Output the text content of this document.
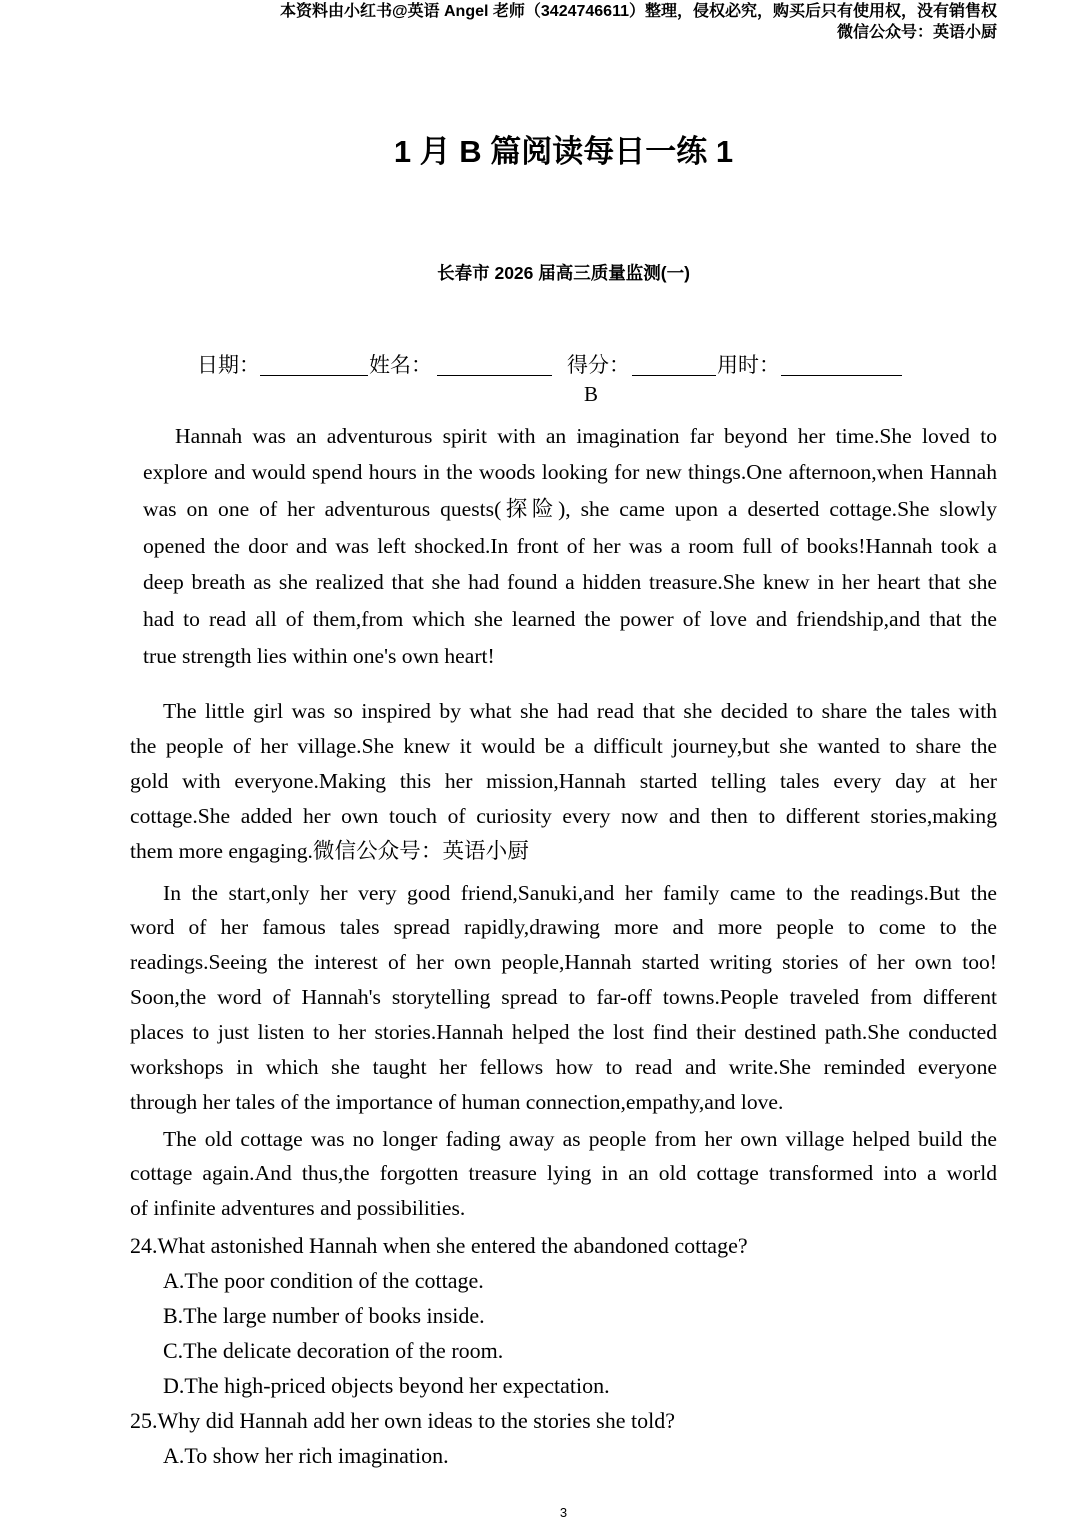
本资料由小红书@英语 Angel 老师（3424746611）整理，侵权必究，购买后只有使用权，没有销售权
微信公众号：英语小厨
1 月 B 篇阅读每日一练 1
长春市 2026 届高三质量监测(一)
日期：	姓名：	得分：	用时：
B
Hannah was an adventurous spirit with an imagination far beyond her time.She loved to
explore and would spend hours in the woods looking for new things.One afternoon,when Hannah
was on one of her adventurous quests(探险), she came upon a deserted cottage.She slowly
opened the door and was left shocked.In front of her was a room full of books!Hannah took a
deep breath as she realized that she had found a hidden treasure.She knew in her heart that she
had to read all of them,from which she learned the power of love and friendship,and that the
true strength lies within one's own heart!
The little girl was so inspired by what she had read that she decided to share the tales with
the people of her village.She knew it would be a difficult journey,but she wanted to share the
gold with everyone.Making this her mission,Hannah started telling tales every day at her
cottage.She added her own touch of curiosity every now and then to different stories,making
them more engaging.微信公众号：英语小厨
In the start,only her very good friend,Sanuki,and her family came to the readings.But the
word of her famous tales spread rapidly,drawing more and more people to come to the
readings.Seeing the interest of her own people,Hannah started writing stories of her own too!
Soon,the word of Hannah's storytelling spread to far-off towns.People traveled from different
places to just listen to her stories.Hannah helped the lost find their destined path.She conducted
workshops in which she taught her fellows how to read and write.She reminded everyone
through her tales of the importance of human connection,empathy,and love.
The old cottage was no longer fading away as people from her own village helped build the
cottage again.And thus,the forgotten treasure lying in an old cottage transformed into a world
of infinite adventures and possibilities.
24.What astonished Hannah when she entered the abandoned cottage?
A.The poor condition of the cottage.
B.The large number of books inside.
C.The delicate decoration of the room.
D.The high-priced objects beyond her expectation.
25.Why did Hannah add her own ideas to the stories she told?
A.To show her rich imagination.
3
